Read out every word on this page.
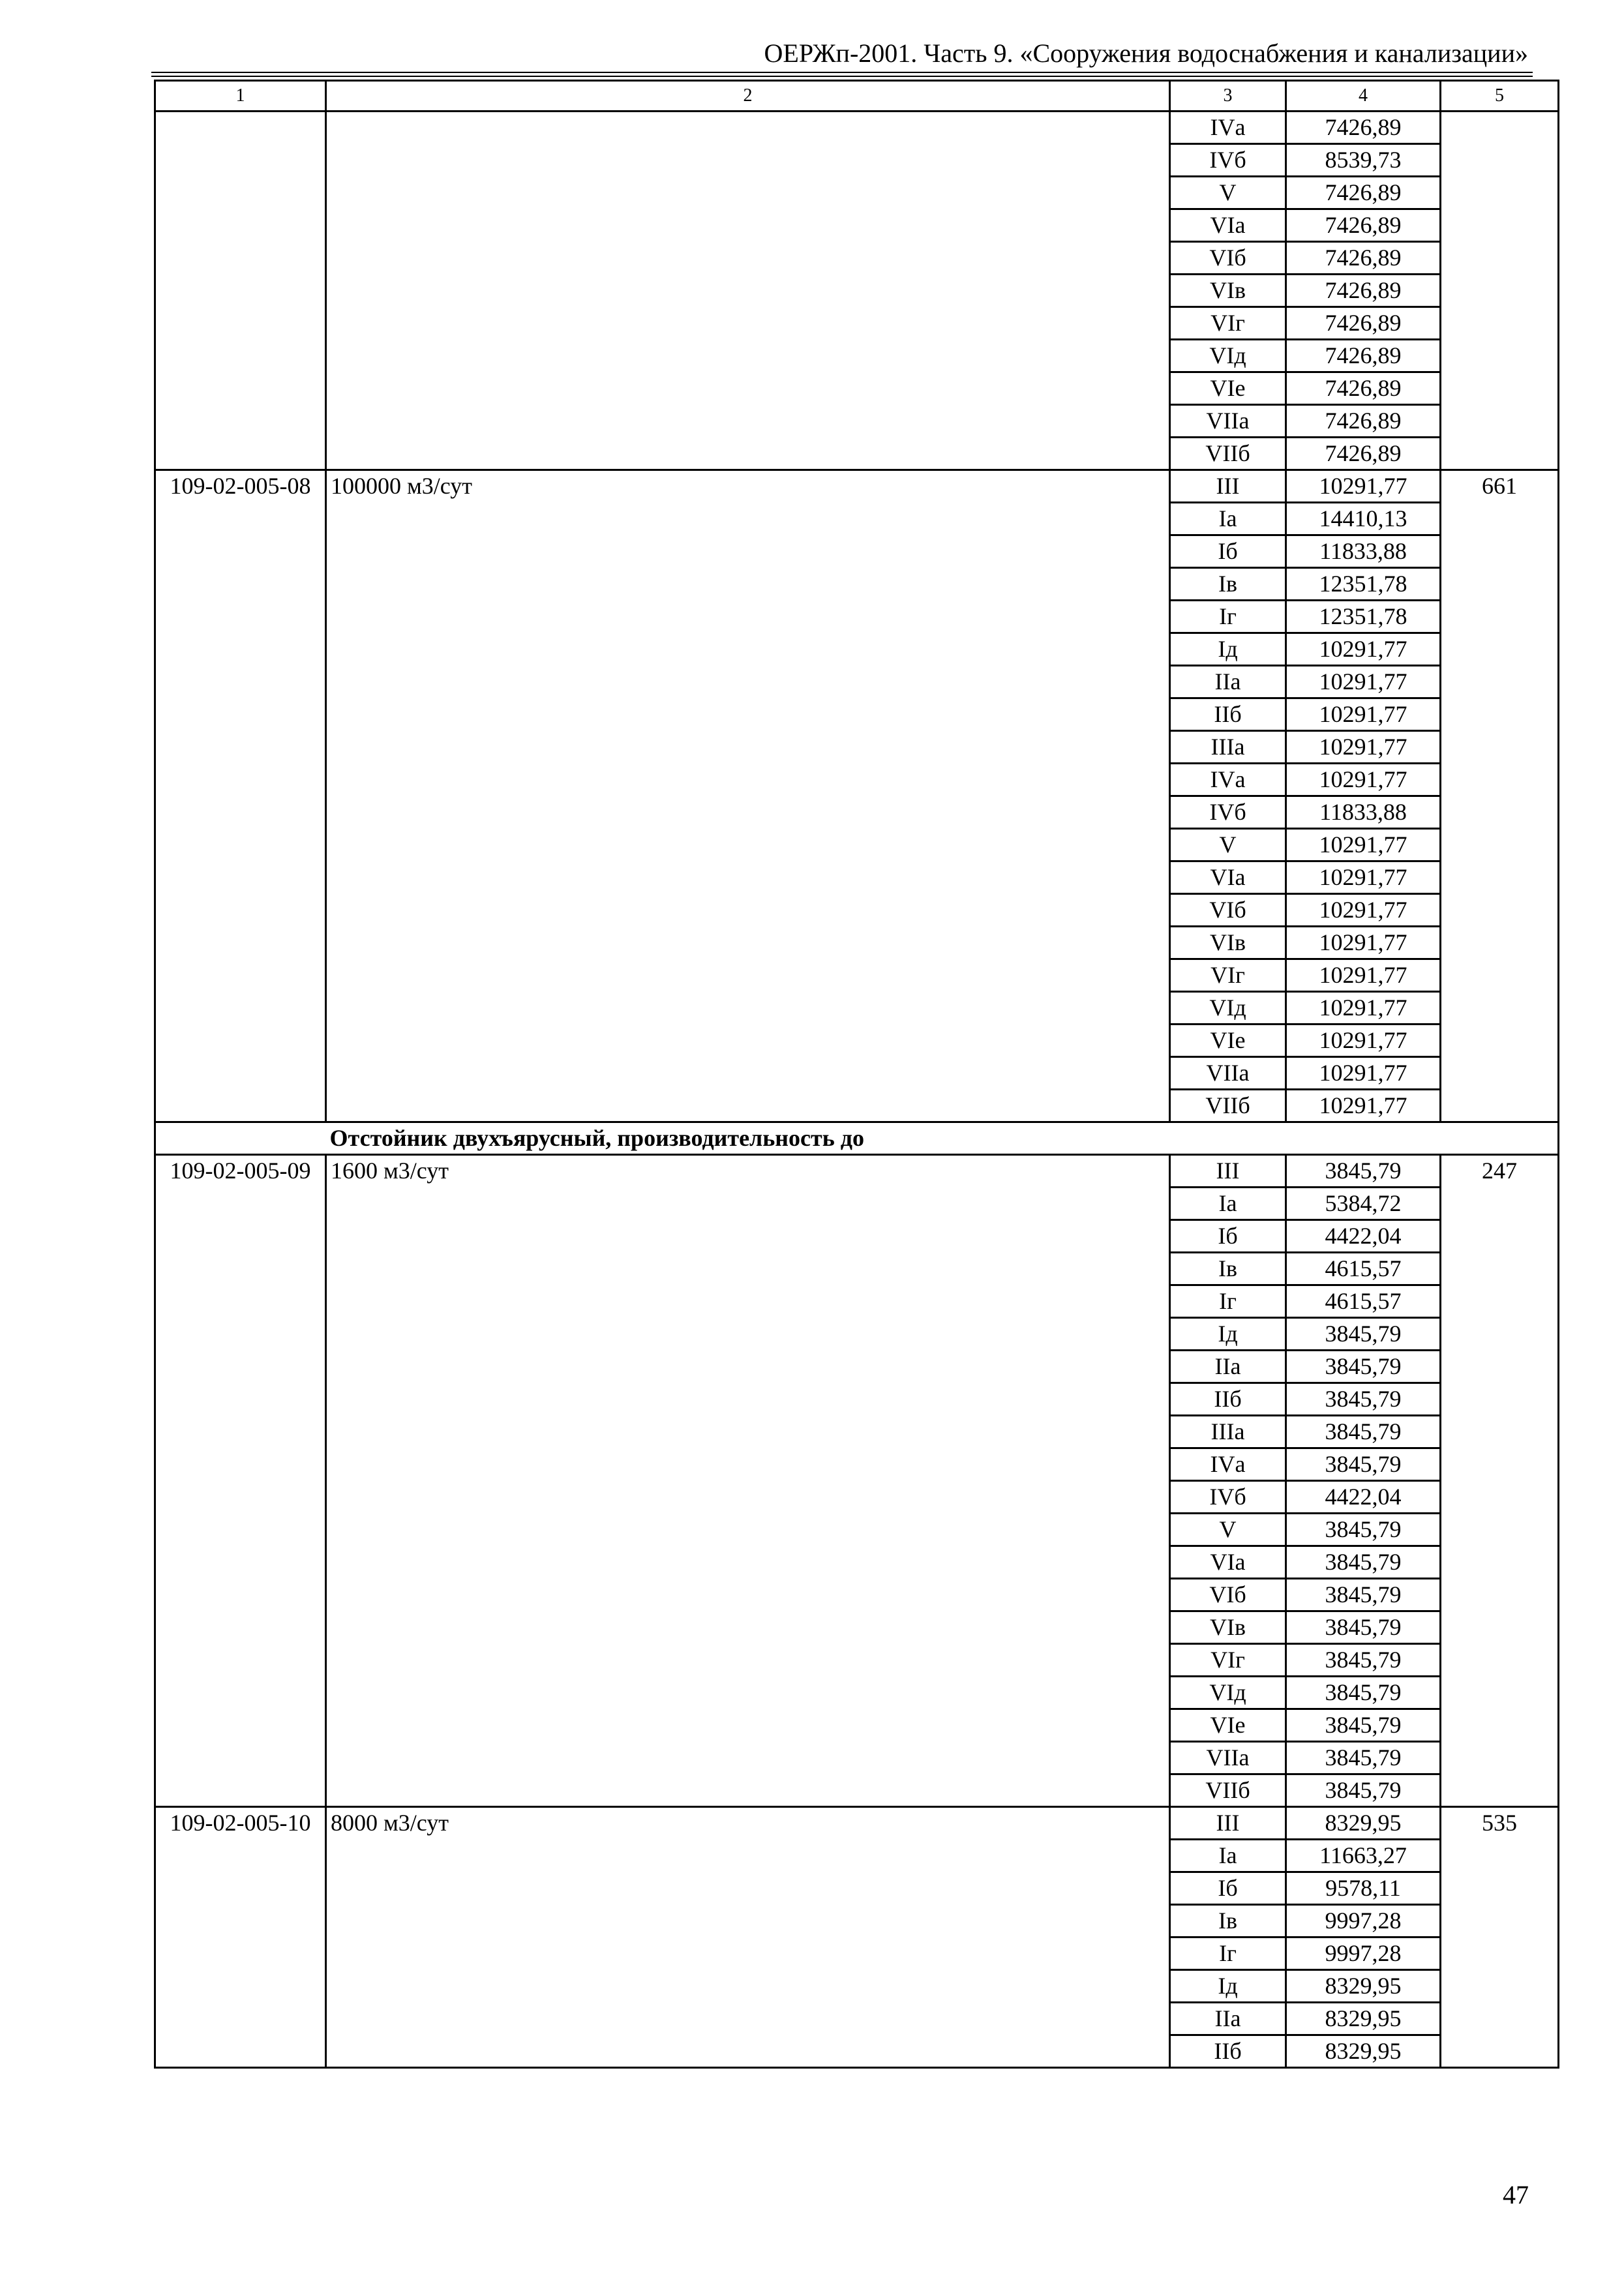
ОЕРЖп-2001. Часть 9. «Сооружения водоснабжения и канализации»
1	2	3	4	5
		IVа	7426,89	
		IVб	8539,73	
		V	7426,89	
		VIа	7426,89	
		VIб	7426,89	
		VIв	7426,89	
		VIг	7426,89	
		VIд	7426,89	
		VIе	7426,89	
		VIIа	7426,89	
		VIIб	7426,89	
109-02-005-08	100000 м3/сут	III	10291,77	661
		Iа	14410,13	
		Iб	11833,88	
		Iв	12351,78	
		Iг	12351,78	
		Iд	10291,77	
		IIа	10291,77	
		IIб	10291,77	
		IIIа	10291,77	
		IVа	10291,77	
		IVб	11833,88	
		V	10291,77	
		VIа	10291,77	
		VIб	10291,77	
		VIв	10291,77	
		VIг	10291,77	
		VIд	10291,77	
		VIе	10291,77	
		VIIа	10291,77	
		VIIб	10291,77	
	Отстойник двухъярусный, производительность до			
109-02-005-09	1600 м3/сут	III	3845,79	247
		Iа	5384,72	
		Iб	4422,04	
		Iв	4615,57	
		Iг	4615,57	
		Iд	3845,79	
		IIа	3845,79	
		IIб	3845,79	
		IIIа	3845,79	
		IVа	3845,79	
		IVб	4422,04	
		V	3845,79	
		VIа	3845,79	
		VIб	3845,79	
		VIв	3845,79	
		VIг	3845,79	
		VIд	3845,79	
		VIе	3845,79	
		VIIа	3845,79	
		VIIб	3845,79	
109-02-005-10	8000 м3/сут	III	8329,95	535
		Iа	11663,27	
		Iб	9578,11	
		Iв	9997,28	
		Iг	9997,28	
		Iд	8329,95	
		IIа	8329,95	
		IIб	8329,95	
47
